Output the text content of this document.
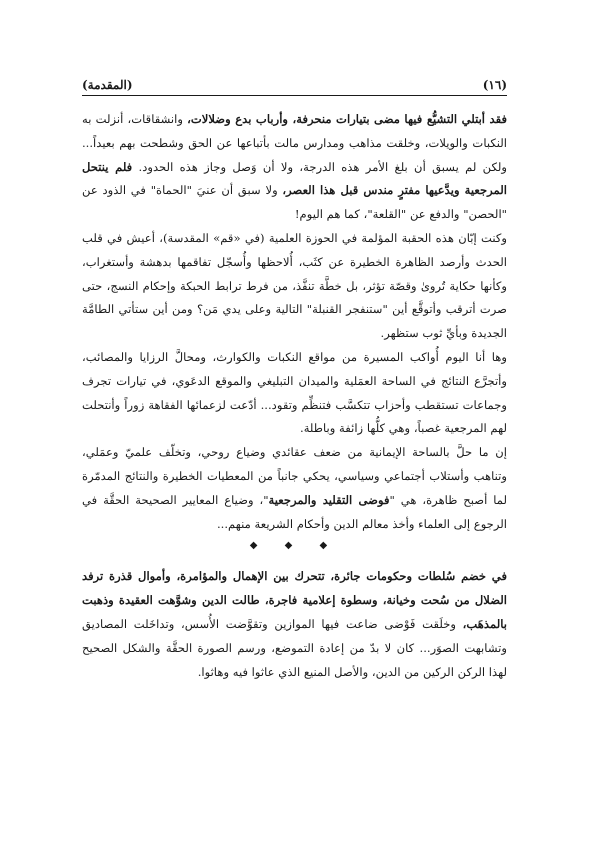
(١٦)
(المقدمة)

فقد أبتلي التشيُّع فيها مضى بتيارات منحرفة، وأرباب بدع وضلالات، وانشقاقات، أنزلت به النكبات والويلات، وخلقت مذاهب ومدارس مالت بأتباعها عن الحق وشطحت بهم بعيداً... ولكن لم يسبق أن بلغ الأمر هذه الدرجة، ولا أن وَصل وجاز هذه الحدود. فلم ينتحل المرجعية ويدَّعيها مفترٍ مندس قبل هذا العصر، ولا سبق أن عنيَ "الحماة" في الذود عن "الحصن" والدفع عن "القلعة"، كما هم اليوم!

وكنت إبّان هذه الحقبة المؤلمة في الحوزة العلمية (في «قم» المقدسة)، أعيش في قلب الحدث وأرصد الظاهرة الخطيرة عن كثَب، أُلاحظها وأُسجّل تفاقمها بدهشة وأستغراب، وكأنها حكاية تُروىٰ وقصّة تؤثر، بل خطَّة تنفَّذ، من فرط ترابط الحبكة وإحكام النسج، حتى صرت أترقب وأتوقَّع أين "ستنفجر القنبلة" التالية وعلى يدي مَن؟ ومن أين ستأتي الطامَّة الجديدة وبأيِّ ثوب ستظهر.

وها أنا اليوم أُواكب المسيرة من مواقع النكبات والكوارث، ومحالَّ الرزايا والمصائب، وأتجرَّع النتائج في الساحة العمَلية والميدان التبليغي والموقع الدعَوي، في تيارات تجرف وجماعات تستقطب وأحزاب تتكسَّب فتنظِّم وتقود... أدّعت لزعمائها الفقاهة زوراً وأنتحلت لهم المرجعية غصباً، وهي كلُّها زائفة وباطلة.

إن ما حلَّ بالساحة الإيمانية من ضعف عقائدي وضياع روحي، وتخلّف علميّ وعمَلي، وتناهب وأستلاب أجتماعي وسياسي، يحكي جانباً من المعطيات الخطيرة والنتائج المدمّرة لما أصبح ظاهرة، هي "فوضى التقليد والمرجعية"، وضياع المعايير الصحيحة الحقَّة في الرجوع إلى العلماء وأخذ معالم الدين وأحكام الشريعة منهم...

◆ ◆ ◆

في خضم سُلطات وحكومات جائرة، تتحرك بين الإهمال والمؤامرة، وأموال قذرة ترفد الضلال من سُحت وخيانة، وسطوة إعلامية فاجرة، طالت الدين وشوَّهت العقيدة وذهبت بالمذهَب، وخلَقت فَوْضى ضاعت فيها الموازين وتقوَّضت الأُسس، وتداخَلت المصاديق وتشابهت الصوَر... كان لا بدّ من إعادة التموضع، ورسم الصورة الحقَّة والشكل الصحيح لهذا الركن الركين من الدين، والأصل المنيع الذي عاثوا فيه وهاثوا.
